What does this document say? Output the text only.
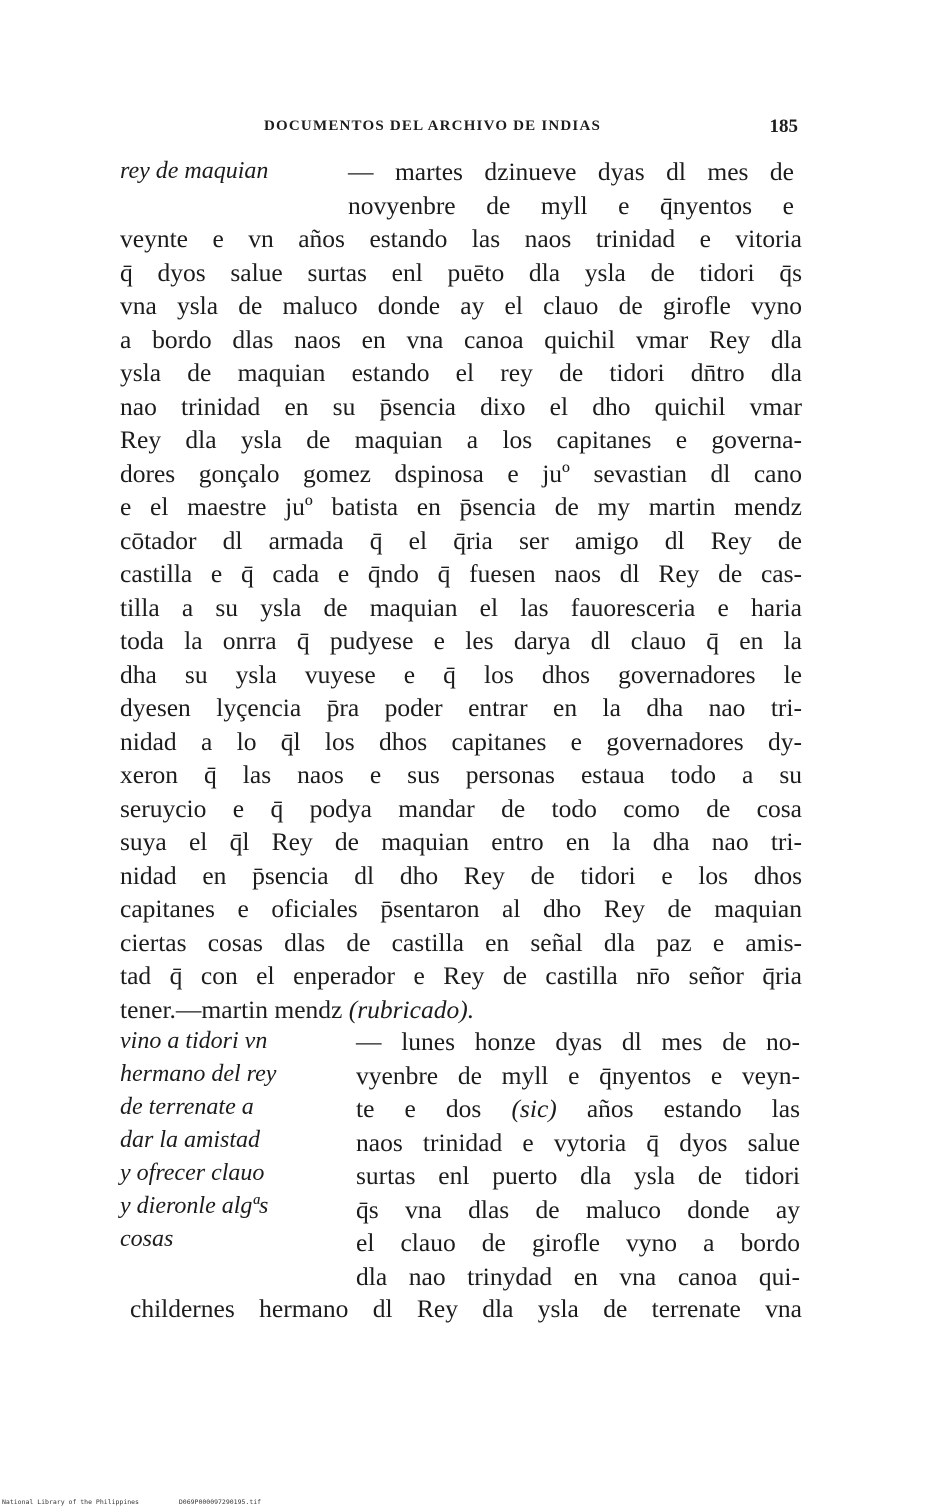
DOCUMENTOS DEL ARCHIVO DE INDIAS	185
rey de maquian	— martes dzinueve dyas dl mes de
novyenbre de myll e q̄nyentos e
veynte e vn años estando las naos trinidad e vitoria
q̄ dyos salue surtas enl puēto dla ysla de tidori q̄s
vna ysla de maluco donde ay el clauo de girofle vyno
a bordo dlas naos en vna canoa quichil vmar Rey dla
ysla de maquian estando el rey de tidori dn̄tro dla
nao trinidad en su p̄sencia dixo el dho quichil vmar
Rey dla ysla de maquian a los capitanes e governa-
dores gonçalo gomez dspinosa e juº sevastian dl cano
e el maestre juº batista en p̄sencia de my martin mendz
cōtador dl armada q̄ el q̄ria ser amigo dl Rey de
castilla e q̄ cada e q̄ndo q̄ fuesen naos dl Rey de cas-
tilla a su ysla de maquian el las fauoresceria e haria
toda la onrra q̄ pudyese e les darya dl clauo q̄ en la
dha su ysla vuyese e q̄ los dhos governadores le
dyesen lyçencia p̄ra poder entrar en la dha nao tri-
nidad a lo q̄l los dhos capitanes e governadores dy-
xeron q̄ las naos e sus personas estaua todo a su
seruycio e q̄ podya mandar de todo como de cosa
suya el q̄l Rey de maquian entro en la dha nao tri-
nidad en p̄sencia dl dho Rey de tidori e los dhos
capitanes e oficiales p̄sentaron al dho Rey de maquian
ciertas cosas dlas de castilla en señal dla paz e amis-
tad q̄ con el enperador e Rey de castilla nr̄o señor q̄ria
tener.—martin mendz (rubricado).
vino a tidori vn
hermano del rey
de terrenate a
dar la amistad
y ofrecer clauo
y dieronle algªs
cosas
— lunes honze dyas dl mes de no-
vyenbre de myll e q̄nyentos e veyn-
te e dos (sic) años estando las
naos trinidad e vytoria q̄ dyos salue
surtas enl puerto dla ysla de tidori
q̄s vna dlas de maluco donde ay
el clauo de girofle vyno a bordo
dla nao trinydad en vna canoa qui-
childernes hermano dl Rey dla ysla de terrenate vna
National Library of the Philippines	D069P000097290195.tif
